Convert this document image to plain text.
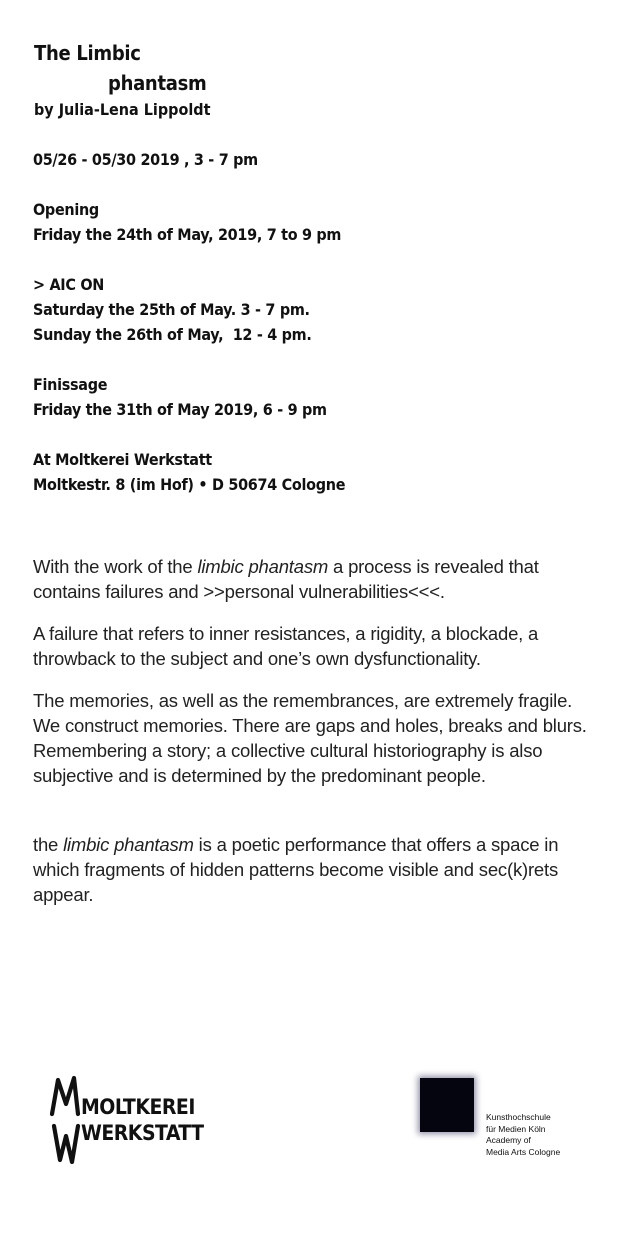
The Limbic
phantasm
by Julia-Lena Lippoldt
05/26 - 05/30 2019 , 3 - 7 pm
Opening
Friday the 24th of May, 2019, 7 to 9 pm
> AIC ON
Saturday the 25th of May. 3 - 7 pm.
Sunday the 26th of May,  12 - 4 pm.
Finissage
Friday the 31th of May 2019, 6 - 9 pm
At Moltkerei Werkstatt
Moltkestr. 8 (im Hof) • D 50674 Cologne

With the work of the limbic phantasm a process is revealed that contains failures and >>personal vulnerabilities<<<.

A failure that refers to inner resistances, a rigidity, a blockade, a throwback to the subject and one’s own dysfunctionality.

The memories, as well as the remembrances, are extremely fragile. We construct memories. There are gaps and holes, breaks and blurs. Remembering a story; a collective cultural historiography is also subjective and is determined by the predominant people.

the limbic phantasm is a poetic performance that offers a space in which fragments of hidden patterns become visible and sec(k)rets appear.

MOLTKEREI
WERKSTATT
Kunsthochschule
für Medien Köln
Academy of
Media Arts Cologne
